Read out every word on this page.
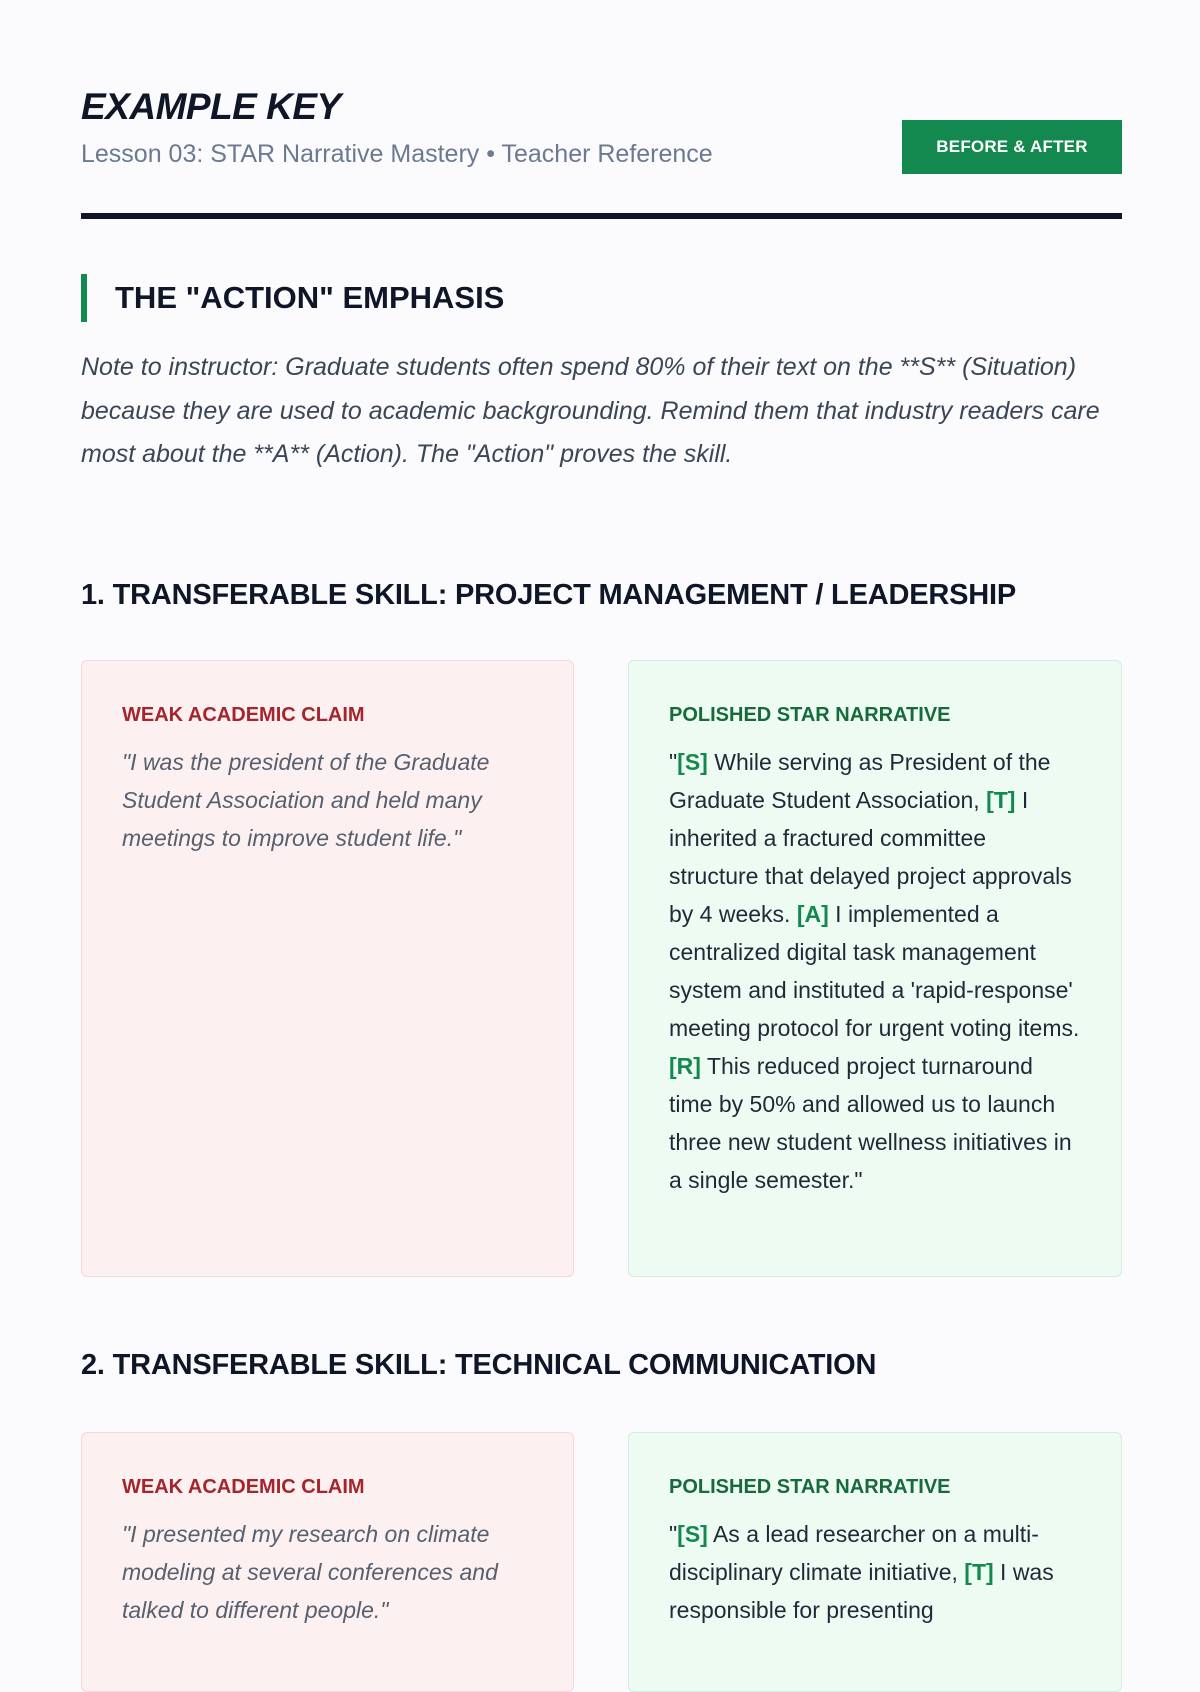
EXAMPLE KEY
Lesson 03: STAR Narrative Mastery • Teacher Reference	BEFORE & AFTER
THE "ACTION" EMPHASIS

Note to instructor: Graduate students often spend 80% of their text on the **S** (Situation) because they are used to academic backgrounding. Remind them that industry readers care most about the **A** (Action). The "Action" proves the skill.

1. TRANSFERABLE SKILL: PROJECT MANAGEMENT / LEADERSHIP
WEAK ACADEMIC CLAIM

"I was the president of the Graduate Student Association and held many meetings to improve student life."

POLISHED STAR NARRATIVE

"[S] While serving as President of the Graduate Student Association, [T] I inherited a fractured committee structure that delayed project approvals by 4 weeks. [A] I implemented a centralized digital task management system and instituted a 'rapid-response' meeting protocol for urgent voting items. [R] This reduced project turnaround time by 50% and allowed us to launch three new student wellness initiatives in a single semester."

2. TRANSFERABLE SKILL: TECHNICAL COMMUNICATION
WEAK ACADEMIC CLAIM

"I presented my research on climate modeling at several conferences and talked to different people."

POLISHED STAR NARRATIVE

"[S] As a lead researcher on a multi-disciplinary climate initiative, [T] I was responsible for presenting
